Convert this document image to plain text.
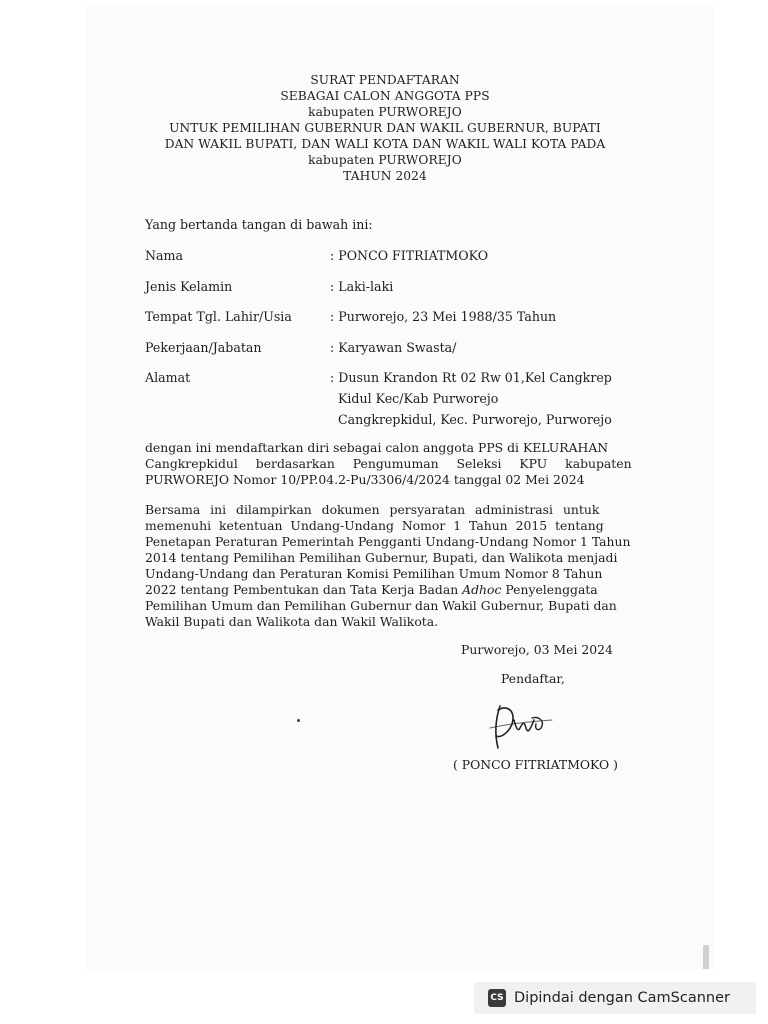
SURAT PENDAFTARAN
SEBAGAI CALON ANGGOTA PPS
kabupaten PURWOREJO
UNTUK PEMILIHAN GUBERNUR DAN WAKIL GUBERNUR, BUPATI
DAN WAKIL BUPATI, DAN WALI KOTA DAN WAKIL WALI KOTA PADA
kabupaten PURWOREJO
TAHUN 2024
Yang bertanda tangan di bawah ini:
Nama	: PONCO FITRIATMOKO
Jenis Kelamin	: Laki-laki
Tempat Tgl. Lahir/Usia	: Purworejo, 23 Mei 1988/35 Tahun
Pekerjaan/Jabatan	: Karyawan Swasta/
Alamat	: Dusun Krandon Rt 02 Rw 01,Kel Cangkrep
Kidul Kec/Kab Purworejo
Cangkrepkidul, Kec. Purworejo, Purworejo
dengan ini mendaftarkan diri sebagai calon anggota PPS di KELURAHAN
Cangkrepkidul berdasarkan Pengumuman Seleksi KPU kabupaten
PURWOREJO Nomor 10/PP.04.2-Pu/3306/4/2024 tanggal 02 Mei 2024
Bersama ini dilampirkan dokumen persyaratan administrasi untuk
memenuhi ketentuan Undang-Undang Nomor 1 Tahun 2015 tentang
Penetapan Peraturan Pemerintah Pengganti Undang-Undang Nomor 1 Tahun
2014 tentang Pemilihan Pemilihan Gubernur, Bupati, dan Walikota menjadi
Undang-Undang dan Peraturan Komisi Pemilihan Umum Nomor 8 Tahun
2022 tentang Pembentukan dan Tata Kerja Badan Adhoc Penyelenggata
Pemilihan Umum dan Pemilihan Gubernur dan Wakil Gubernur, Bupati dan
Wakil Bupati dan Walikota dan Wakil Walikota.
Purworejo, 03 Mei 2024
Pendaftar,
( PONCO FITRIATMOKO )
CS Dipindai dengan CamScanner
